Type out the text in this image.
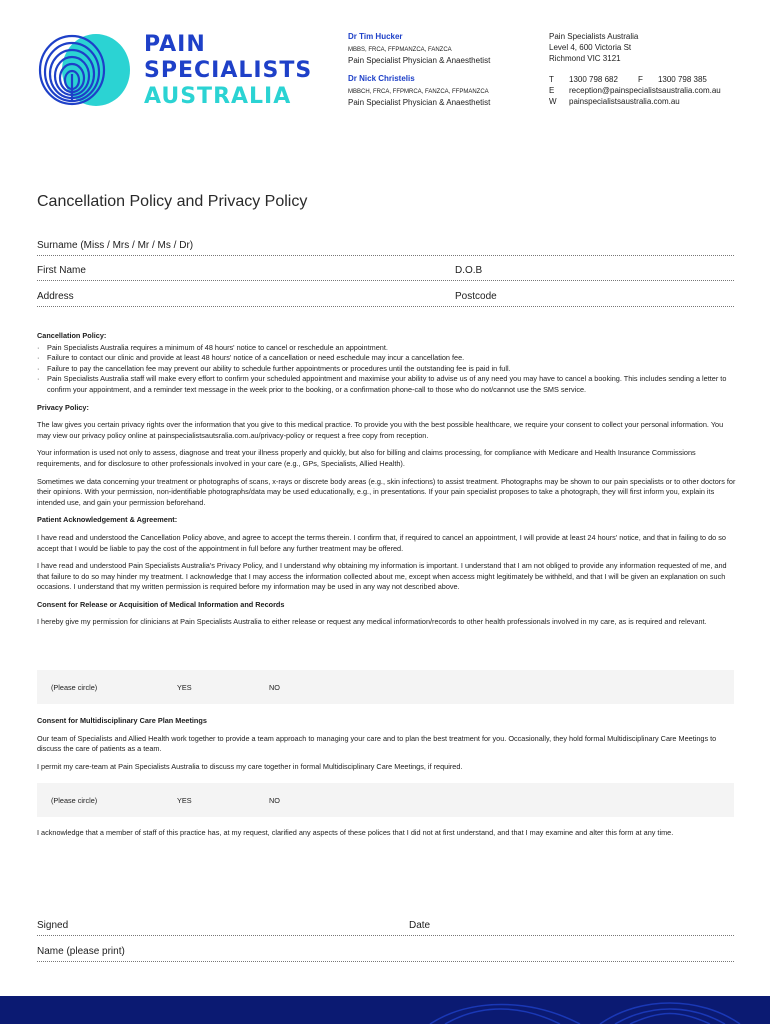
PAIN
SPECIALISTS
AUSTRALIA
Dr Tim Hucker
MBBS, FRCA, FFPMANZCA, FANZCA
Pain Specialist Physician & Anaesthetist
Dr Nick Christelis
MBBCH, FRCA, FFPMRCA, FANZCA, FFPMANZCA
Pain Specialist Physician & Anaesthetist
Pain Specialists Australia
Level 4, 600 Victoria St
Richmond VIC 3121
T	1300 798 682	F	1300 798 385
E	reception@painspecialistsaustralia.com.au
W	painspecialistsaustralia.com.au
Cancellation Policy and Privacy Policy
Surname (Miss / Mrs / Mr / Ms / Dr)
First Name	D.O.B
Address	Postcode
Cancellation Policy:
· Pain Specialists Australia requires a minimum of 48 hours' notice to cancel or reschedule an appointment.
· Failure to contact our clinic and provide at least 48 hours' notice of a cancellation or need eschedule may incur a cancellation fee.
· Failure to pay the cancellation fee may prevent our ability to schedule further appointments or procedures until the outstanding fee is paid in full.
· Pain Specialists Australia staff will make every effort to confirm your scheduled appointment and maximise your ability to advise us of any need you may have to cancel a booking. This includes sending a letter to confirm your appointment, and a reminder text message in the week prior to the booking, or a confirmation phone-call to those who do not/cannot use the SMS service.
Privacy Policy:

The law gives you certain privacy rights over the information that you give to this medical practice. To provide you with the best possible healthcare, we require your consent to collect your personal information. You may view our privacy policy online at painspecialistsautsralia.com.au/privacy-policy or request a free copy from reception.

Your information is used not only to assess, diagnose and treat your illness properly and quickly, but also for billing and claims processing, for compliance with Medicare and Health Insurance Commissions requirements, and for disclosure to other professionals involved in your care (e.g., GPs, Specialists, Allied Health).

Sometimes we data concerning your treatment or photographs of scans, x-rays or discrete body areas (e.g., skin infections) to assist treatment. Photographs may be shown to our pain specialists or to other doctors for their opinions. With your permission, non-identifiable photographs/data may be used educationally, e.g., in presentations. If your pain specialist proposes to take a photograph, they will first inform you, explain its intended use, and gain your permission beforehand.

Patient Acknowledgement & Agreement:

I have read and understood the Cancellation Policy above, and agree to accept the terms therein. I confirm that, if required to cancel an appointment, I will provide at least 24 hours' notice, and that in failing to do so accept that I would be liable to pay the cost of the appointment in full before any further treatment may be offered.

I have read and understood Pain Specialists Australia's Privacy Policy, and I understand why obtaining my information is important. I understand that I am not obliged to provide any information requested of me, and that failure to do so may hinder my treatment. I acknowledge that I may access the information collected about me, except when access might legitimately be withheld, and that I will be given an explanation on such occasions. I understand that my written permission is required before my information may be used in any way not described above.

Consent for Release or Acquisition of Medical Information and Records

I hereby give my permission for clinicians at Pain Specialists Australia to either release or request any medical information/records to other health professionals involved in my care, as is required and relevant.

(Please circle)	YES	NO
Consent for Multidisciplinary Care Plan Meetings

Our team of Specialists and Allied Health work together to provide a team approach to managing your care and to plan the best treatment for you. Occasionally, they hold formal Multidisciplinary Care Meetings to discuss the care of patients as a team.

I permit my care-team at Pain Specialists Australia to discuss my care together in formal Multidisciplinary Care Meetings, if required.

(Please circle)	YES	NO

I acknowledge that a member of staff of this practice has, at my request, clarified any aspects of these polices that I did not at first understand, and that I may examine and alter this form at any time.

Signed	Date
Name (please print)
